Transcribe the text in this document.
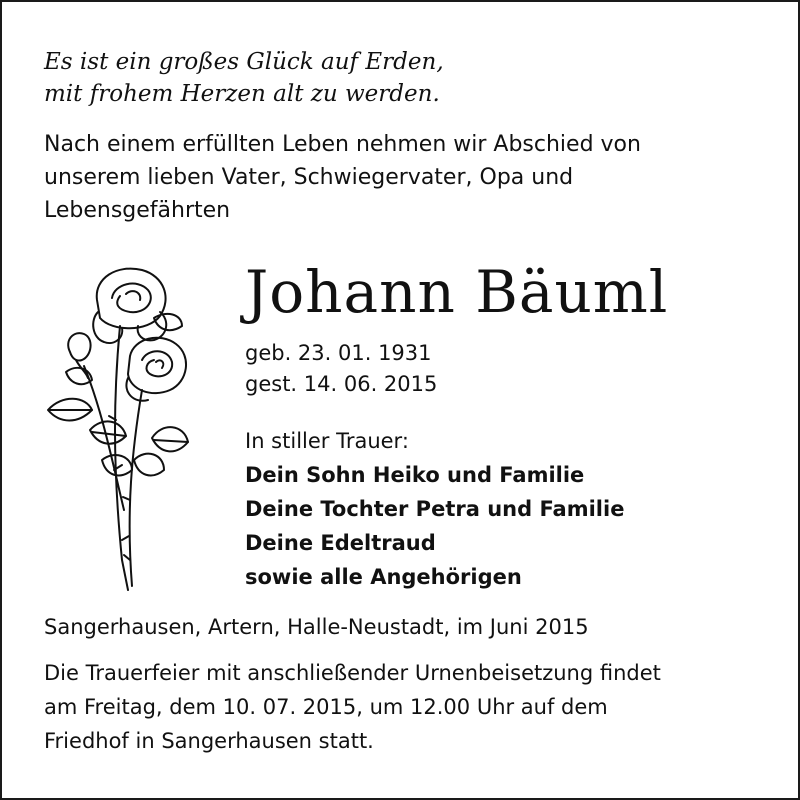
Es ist ein großes Glück auf Erden,
mit frohem Herzen alt zu werden.
Nach einem erfüllten Leben nehmen wir Abschied von
unserem lieben Vater, Schwiegervater, Opa und
Lebensgefährten
Johann Bäuml
geb. 23. 01. 1931
gest. 14. 06. 2015
In stiller Trauer:
Dein Sohn Heiko und Familie
Deine Tochter Petra und Familie
Deine Edeltraud
sowie alle Angehörigen
Sangerhausen, Artern, Halle-Neustadt, im Juni 2015
Die Trauerfeier mit anschließender Urnenbeisetzung findet
am Freitag, dem 10. 07. 2015, um 12.00 Uhr auf dem
Friedhof in Sangerhausen statt.
